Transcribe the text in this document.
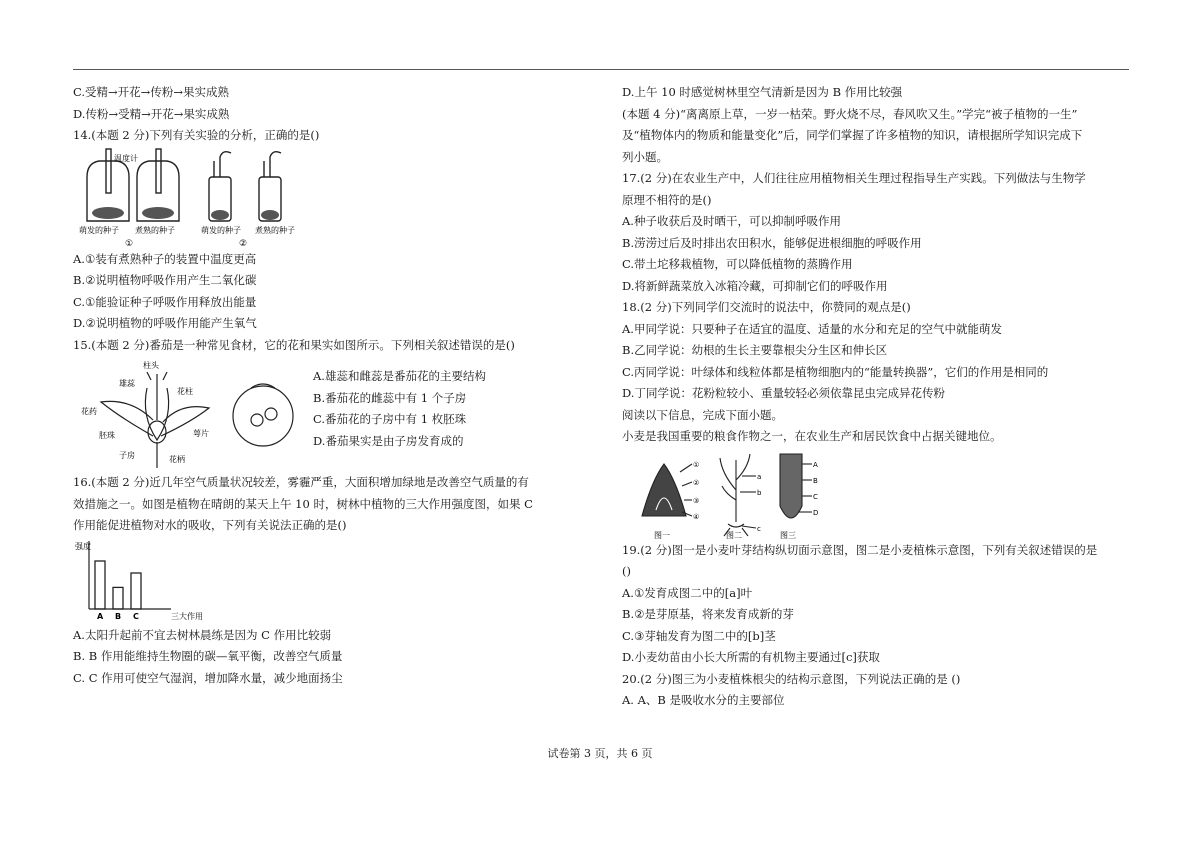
C.受精→开花→传粉→果实成熟
D.传粉→受精→开花→果实成熟
14.(本题 2 分)下列有关实验的分析，正确的是()
温度计
萌发的种子 煮熟的种子	萌发的种子 煮熟的种子
①	②
A.①装有煮熟种子的装置中温度更高
B.②说明植物呼吸作用产生二氧化碳
C.①能验证种子呼吸作用释放出能量
D.②说明植物的呼吸作用能产生氧气
15.(本题 2 分)番茄是一种常见食材，它的花和果实如图所示。下列相关叙述错误的是()
柱头
雄蕊
花柱
花药
胚珠	萼片
子房	花柄
A.雄蕊和雌蕊是番茄花的主要结构
B.番茄花的雌蕊中有 1 个子房
C.番茄花的子房中有 1 枚胚珠
D.番茄果实是由子房发育成的
16.(本题 2 分)近几年空气质量状况较差，雾霾严重，大面积增加绿地是改善空气质量的有
效措施之一。如图是植物在晴朗的某天上午 10 时，树林中植物的三大作用强度图，如果 C
作用能促进植物对水的吸收，下列有关说法正确的是()
强度
三大作用
A B C
A.太阳升起前不宜去树林晨练是因为 C 作用比较弱
B. B 作用能维持生物圈的碳—氧平衡，改善空气质量
C. C 作用可使空气湿润，增加降水量，减少地面扬尘
D.上午 10 时感觉树林里空气清新是因为 B 作用比较强
(本题 4 分)“离离原上草，一岁一枯荣。野火烧不尽，春风吹又生。”学完“被子植物的一生”
及“植物体内的物质和能量变化”后，同学们掌握了许多植物的知识，请根据所学知识完成下
列小题。
17.(2 分)在农业生产中，人们往往应用植物相关生理过程指导生产实践。下列做法与生物学
原理不相符的是()
A.种子收获后及时晒干，可以抑制呼吸作用
B.涝涝过后及时排出农田积水，能够促进根细胞的呼吸作用
C.带土坨移栽植物，可以降低植物的蒸腾作用
D.将新鲜蔬菜放入冰箱冷藏，可抑制它们的呼吸作用
18.(2 分)下列同学们交流时的说法中，你赞同的观点是()
A.甲同学说：只要种子在适宜的温度、适量的水分和充足的空气中就能萌发
B.乙同学说：幼根的生长主要靠根尖分生区和伸长区
C.丙同学说：叶绿体和线粒体都是植物细胞内的“能量转换器”，它们的作用是相同的
D.丁同学说：花粉粒较小、重量较轻必须依靠昆虫完成异花传粉
阅读以下信息，完成下面小题。
小麦是我国重要的粮食作物之一，在农业生产和居民饮食中占据关键地位。
①
②
③
④
a
b
c
A
B
C
D
图一	图二	图三
19.(2 分)图一是小麦叶芽结构纵切面示意图，图二是小麦植株示意图，下列有关叙述错误的是
()
A.①发育成图二中的[a]叶
B.②是芽原基，将来发育成新的芽
C.③芽轴发育为图二中的[b]茎
D.小麦幼苗由小长大所需的有机物主要通过[c]获取
20.(2 分)图三为小麦植株根尖的结构示意图，下列说法正确的是 ()
A. A、B 是吸收水分的主要部位
试卷第 3 页，共 6 页
